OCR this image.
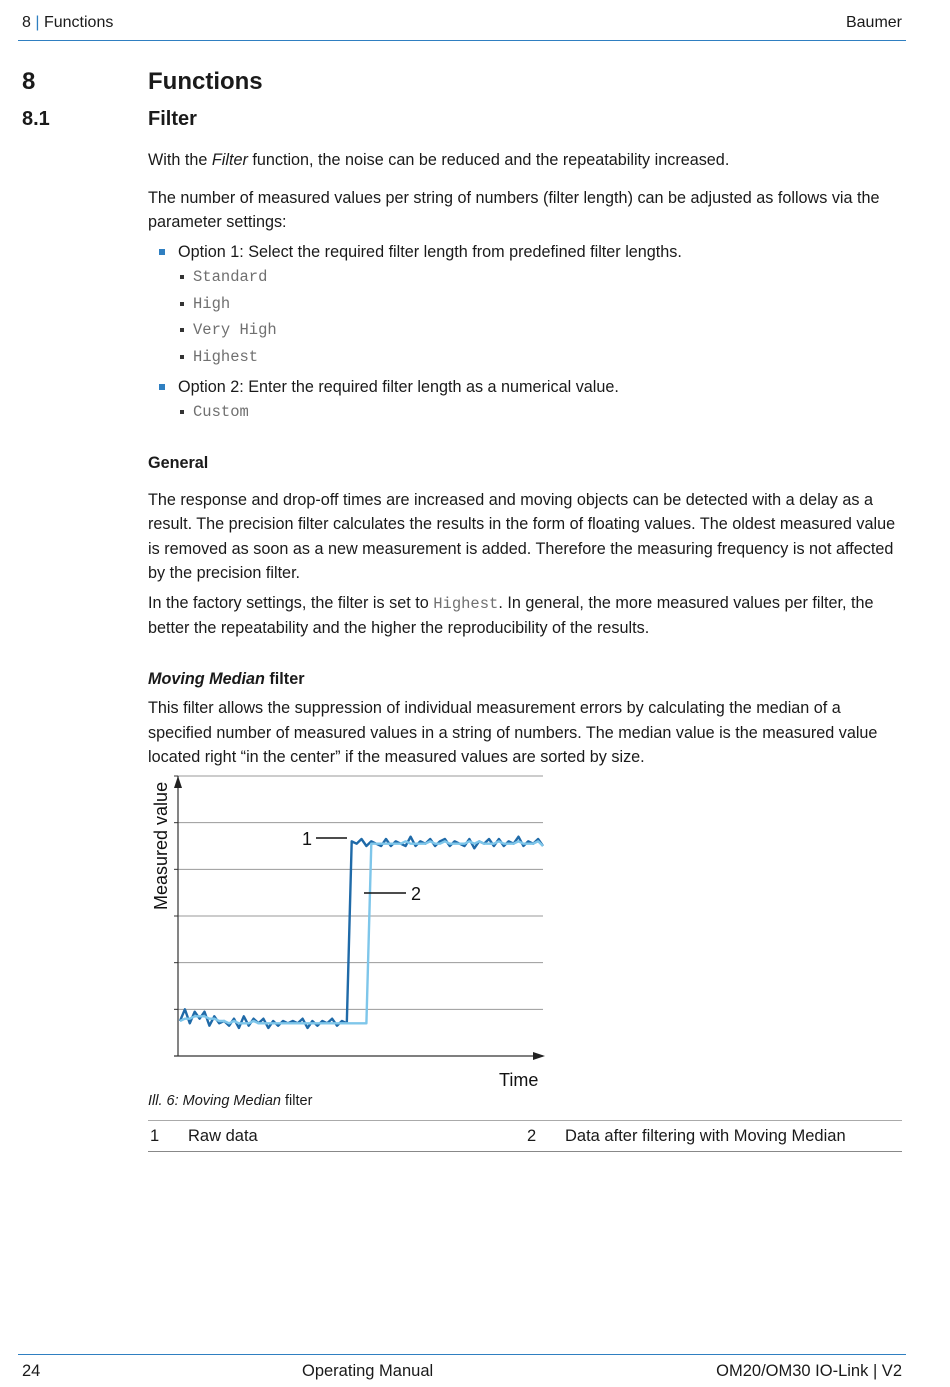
8 | Functions	Baumer
8	Functions
8.1	Filter

With the Filter function, the noise can be reduced and the repeatability increased.

The number of measured values per string of numbers (filter length) can be adjusted as follows via the parameter settings:

Option 1: Select the required filter length from predefined filter lengths.
Standard
High
Very High
Highest
Option 2: Enter the required filter length as a numerical value.
Custom

General

The response and drop-off times are increased and moving objects can be detected with a delay as a result. The precision filter calculates the results in the form of floating values. The oldest measured value is removed as soon as a new measurement is added. Therefore the measuring frequency is not affected by the precision filter.

In the factory settings, the filter is set to Highest. In general, the more measured values per filter, the better the repeatability and the higher the reproducibility of the results.

Moving Median filter

This filter allows the suppression of individual measurement errors by calculating the median of a specified number of measured values in a string of numbers. The median value is the measured value located right “in the center” if the measured values are sorted by size.

1
2
Time
Measured value
Ill. 6: Moving Median filter
1 Raw data	2 Data after filtering with Moving Median
24	Operating Manual	OM20/OM30 IO-Link | V2
